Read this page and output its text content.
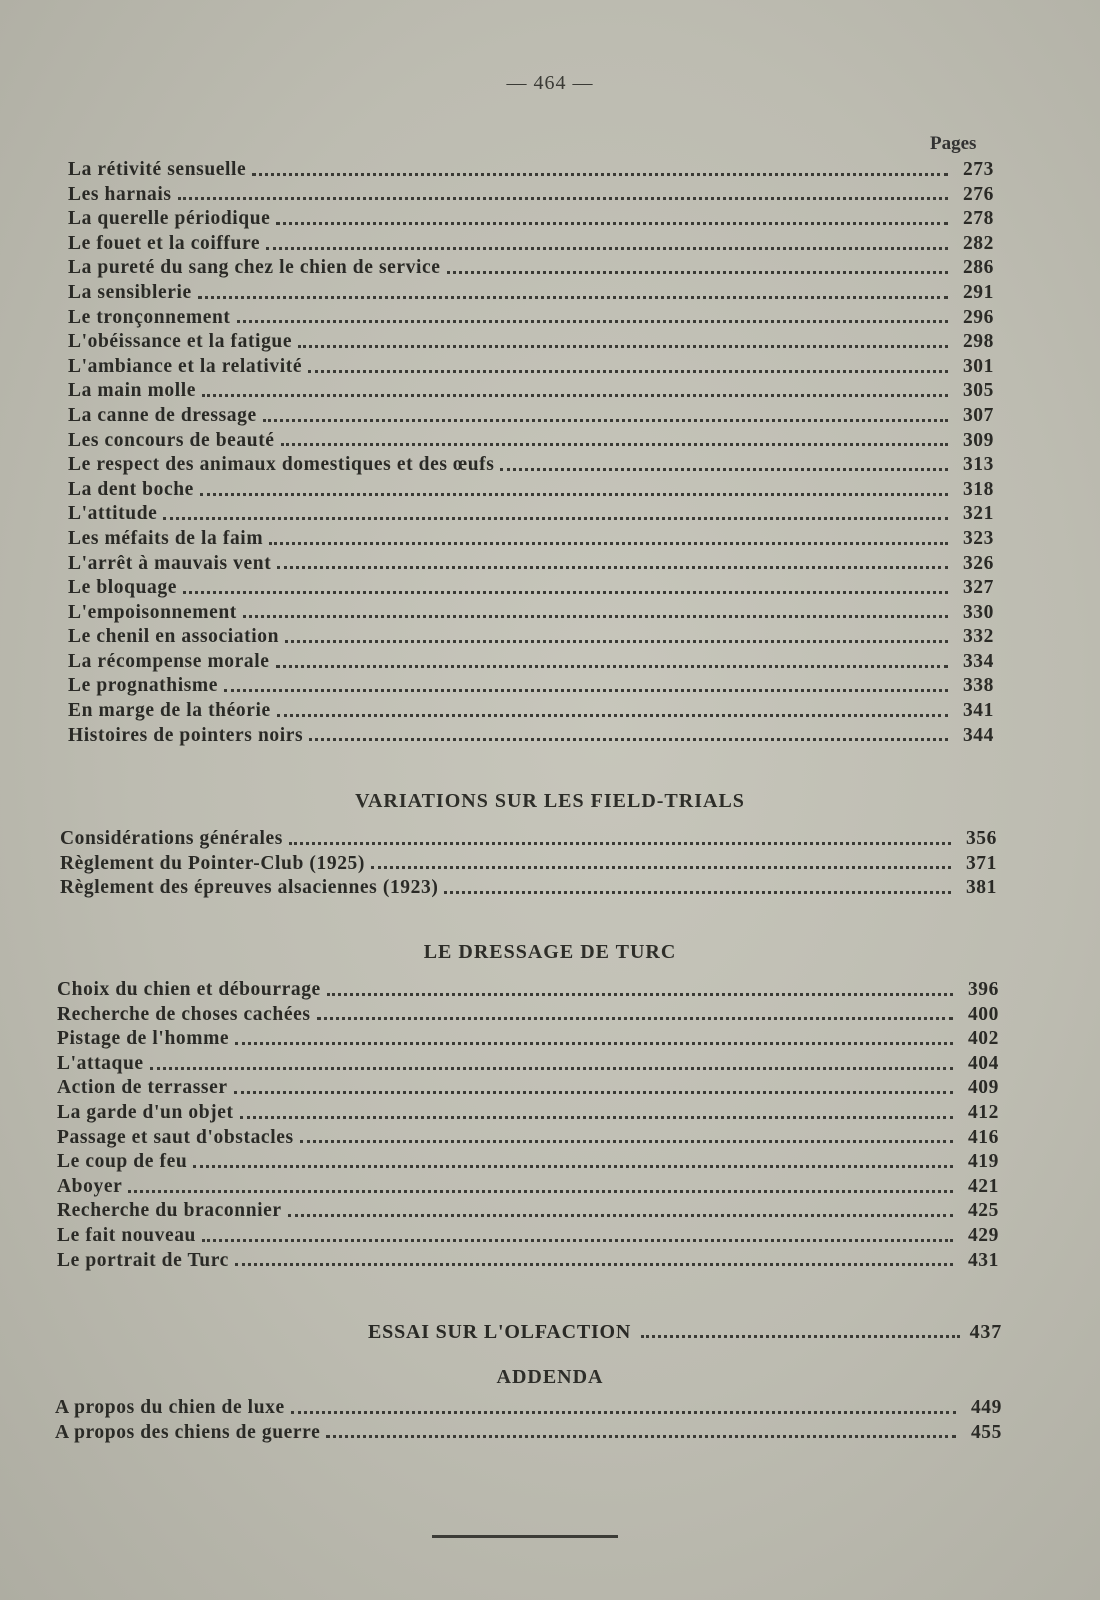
— 464 —
Pages
La rétivité sensuelle	273
Les harnais	276
La querelle périodique	278
Le fouet et la coiffure	282
La pureté du sang chez le chien de service	286
La sensiblerie	291
Le tronçonnement	296
L'obéissance et la fatigue	298
L'ambiance et la relativité	301
La main molle	305
La canne de dressage	307
Les concours de beauté	309
Le respect des animaux domestiques et des œufs	313
La dent boche	318
L'attitude	321
Les méfaits de la faim	323
L'arrêt à mauvais vent	326
Le bloquage	327
L'empoisonnement	330
Le chenil en association	332
La récompense morale	334
Le prognathisme	338
En marge de la théorie	341
Histoires de pointers noirs	344
VARIATIONS SUR LES FIELD-TRIALS
Considérations générales	356
Règlement du Pointer-Club (1925)	371
Règlement des épreuves alsaciennes (1923)	381
LE DRESSAGE DE TURC
Choix du chien et débourrage	396
Recherche de choses cachées	400
Pistage de l'homme	402
L'attaque	404
Action de terrasser	409
La garde d'un objet	412
Passage et saut d'obstacles	416
Le coup de feu	419
Aboyer	421
Recherche du braconnier	425
Le fait nouveau	429
Le portrait de Turc	431
ESSAI SUR L'OLFACTION	437
ADDENDA
A propos du chien de luxe	449
A propos des chiens de guerre	455
